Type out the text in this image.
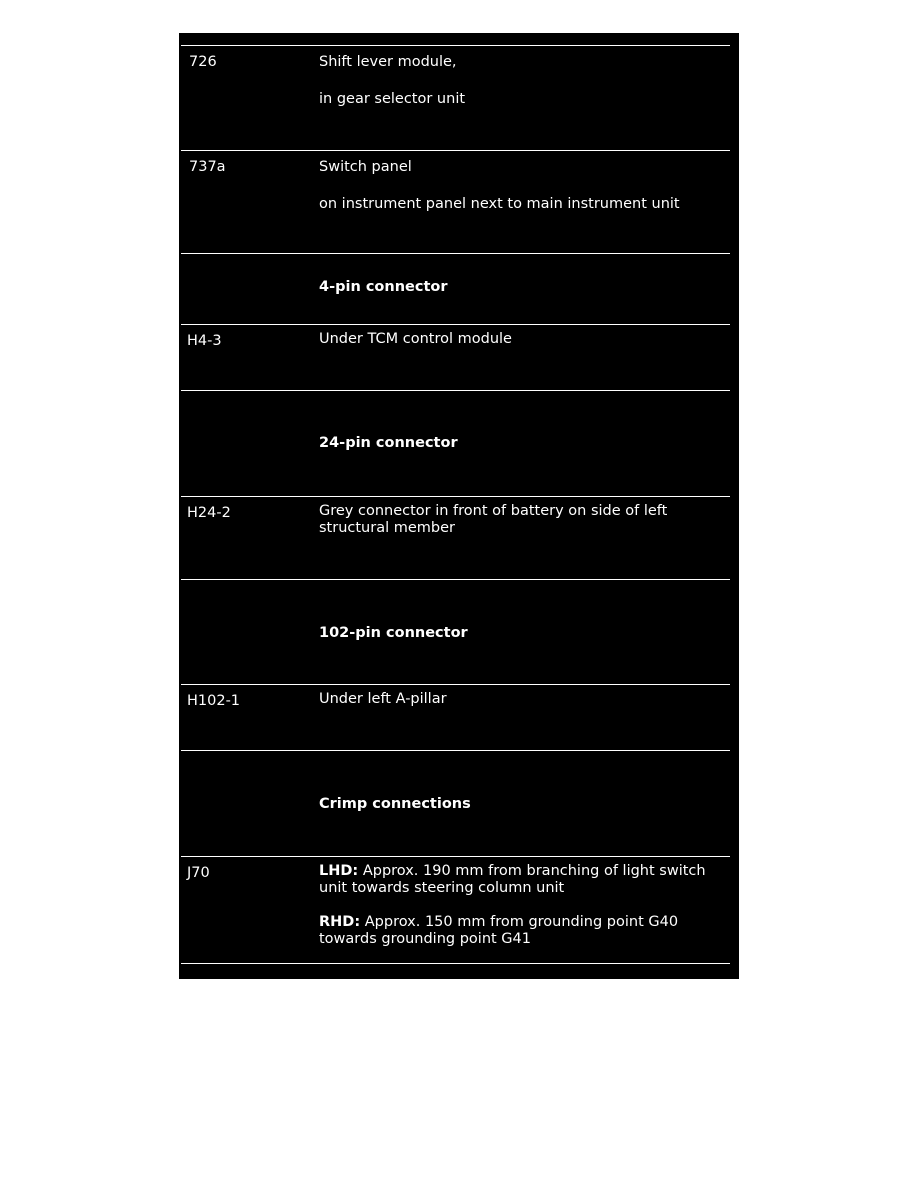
726	Shift lever module,

in gear selector unit

737a	Switch panel

on instrument panel next to main instrument unit

4-pin connector
H4-3	Under TCM control module

24-pin connector
H24-2	Grey connector in front of battery on side of left structural member

102-pin connector
H102-1	Under left A-pillar

Crimp connections
J70	LHD: Approx. 190 mm from branching of light switch unit towards steering column unit

RHD: Approx. 150 mm from grounding point G40 towards grounding point G41
